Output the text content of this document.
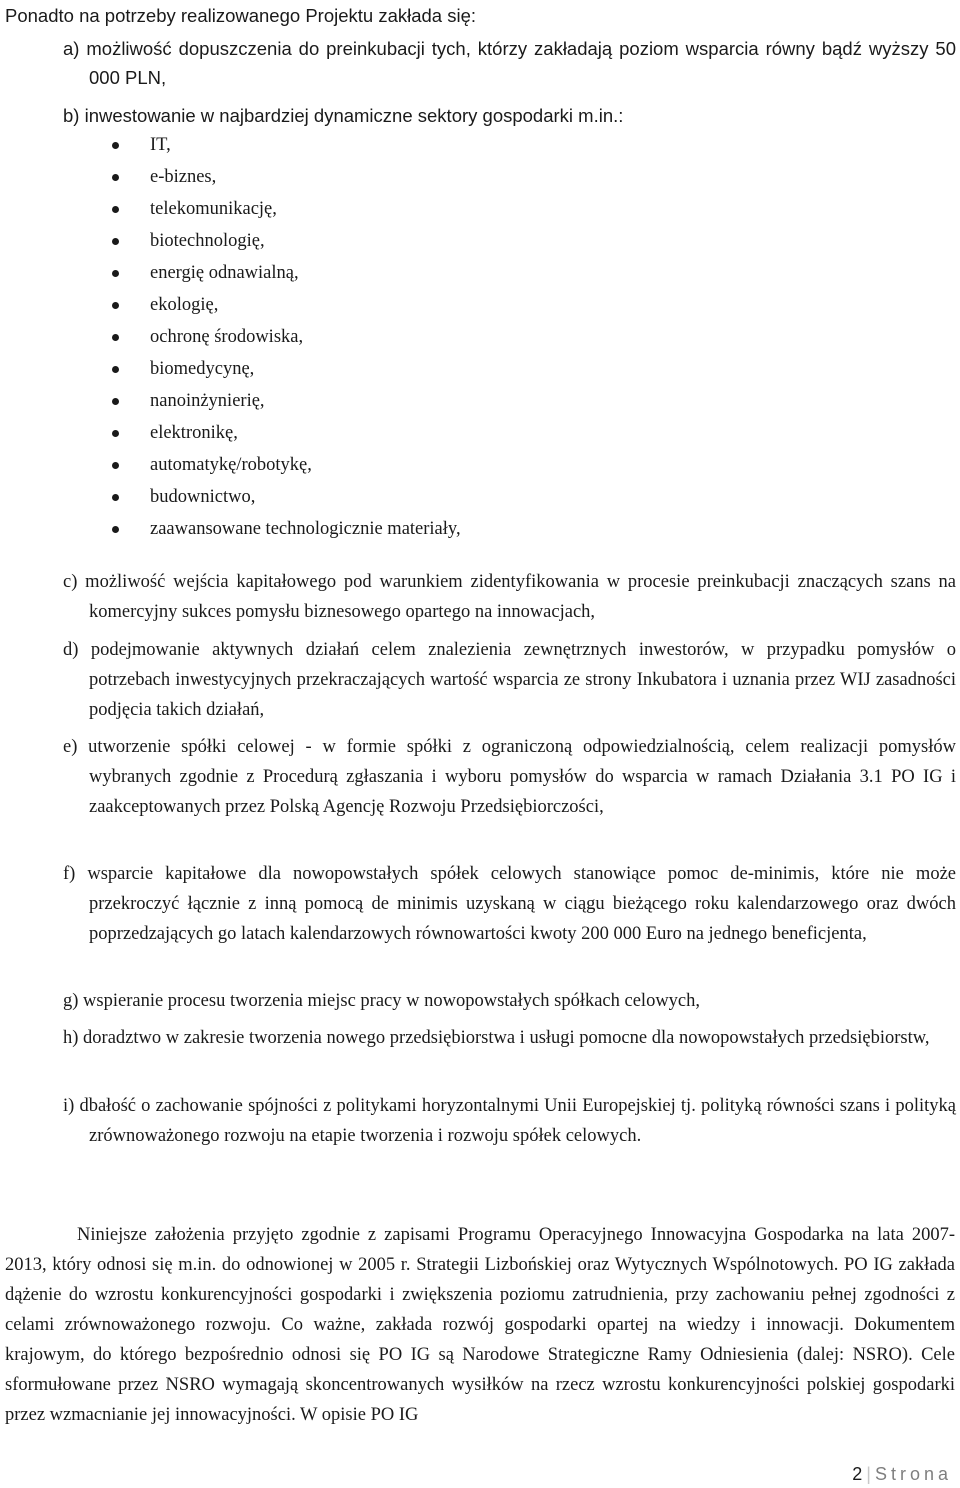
Ponadto na potrzeby realizowanego Projektu zakłada się:
a) możliwość dopuszczenia do preinkubacji tych, którzy zakładają poziom wsparcia równy bądź wyższy 50 000 PLN,
b) inwestowanie w najbardziej dynamiczne sektory gospodarki m.in.:
IT,
e-biznes,
telekomunikację,
biotechnologię,
energię odnawialną,
ekologię,
ochronę środowiska,
biomedycynę,
nanoinżynierię,
elektronikę,
automatykę/robotykę,
budownictwo,
zaawansowane technologicznie materiały,
c) możliwość wejścia kapitałowego pod warunkiem zidentyfikowania w procesie preinkubacji znaczących szans na komercyjny sukces pomysłu biznesowego opartego na innowacjach,
d) podejmowanie aktywnych działań celem znalezienia zewnętrznych inwestorów, w przypadku pomysłów o potrzebach inwestycyjnych przekraczających wartość wsparcia ze strony Inkubatora i uznania przez WIJ zasadności podjęcia takich działań,
e) utworzenie spółki celowej - w formie spółki z ograniczoną odpowiedzialnością, celem realizacji pomysłów wybranych zgodnie z Procedurą zgłaszania i wyboru pomysłów do wsparcia w ramach Działania 3.1 PO IG i zaakceptowanych przez Polską Agencję Rozwoju Przedsiębiorczości,
f) wsparcie kapitałowe dla nowopowstałych spółek celowych stanowiące pomoc de-minimis, które nie może przekroczyć łącznie z inną pomocą de minimis uzyskaną w ciągu bieżącego roku kalendarzowego oraz dwóch poprzedzających go latach kalendarzowych równowartości kwoty 200 000 Euro na jednego beneficjenta,
g) wspieranie procesu tworzenia miejsc pracy w nowopowstałych spółkach celowych,
h) doradztwo w zakresie tworzenia nowego przedsiębiorstwa i usługi pomocne dla nowopowstałych przedsiębiorstw,
i) dbałość o zachowanie spójności z politykami horyzontalnymi Unii Europejskiej tj. polityką równości szans i polityką zrównoważonego rozwoju na etapie tworzenia i rozwoju spółek celowych.
Niniejsze założenia przyjęto zgodnie z zapisami Programu Operacyjnego Innowacyjna Gospodarka na lata 2007-2013, który odnosi się m.in. do odnowionej w 2005 r. Strategii Lizbońskiej oraz Wytycznych Wspólnotowych. PO IG zakłada dążenie do wzrostu konkurencyjności gospodarki i zwiększenia poziomu zatrudnienia, przy zachowaniu pełnej zgodności z celami zrównoważonego rozwoju. Co ważne, zakłada rozwój gospodarki opartej na wiedzy i innowacji. Dokumentem krajowym, do którego bezpośrednio odnosi się PO IG są Narodowe Strategiczne Ramy Odniesienia (dalej: NSRO). Cele sformułowane przez NSRO wymagają skoncentrowanych wysiłków na rzecz wzrostu konkurencyjności polskiej gospodarki przez wzmacnianie jej innowacyjności. W opisie PO IG
2 | Strona
